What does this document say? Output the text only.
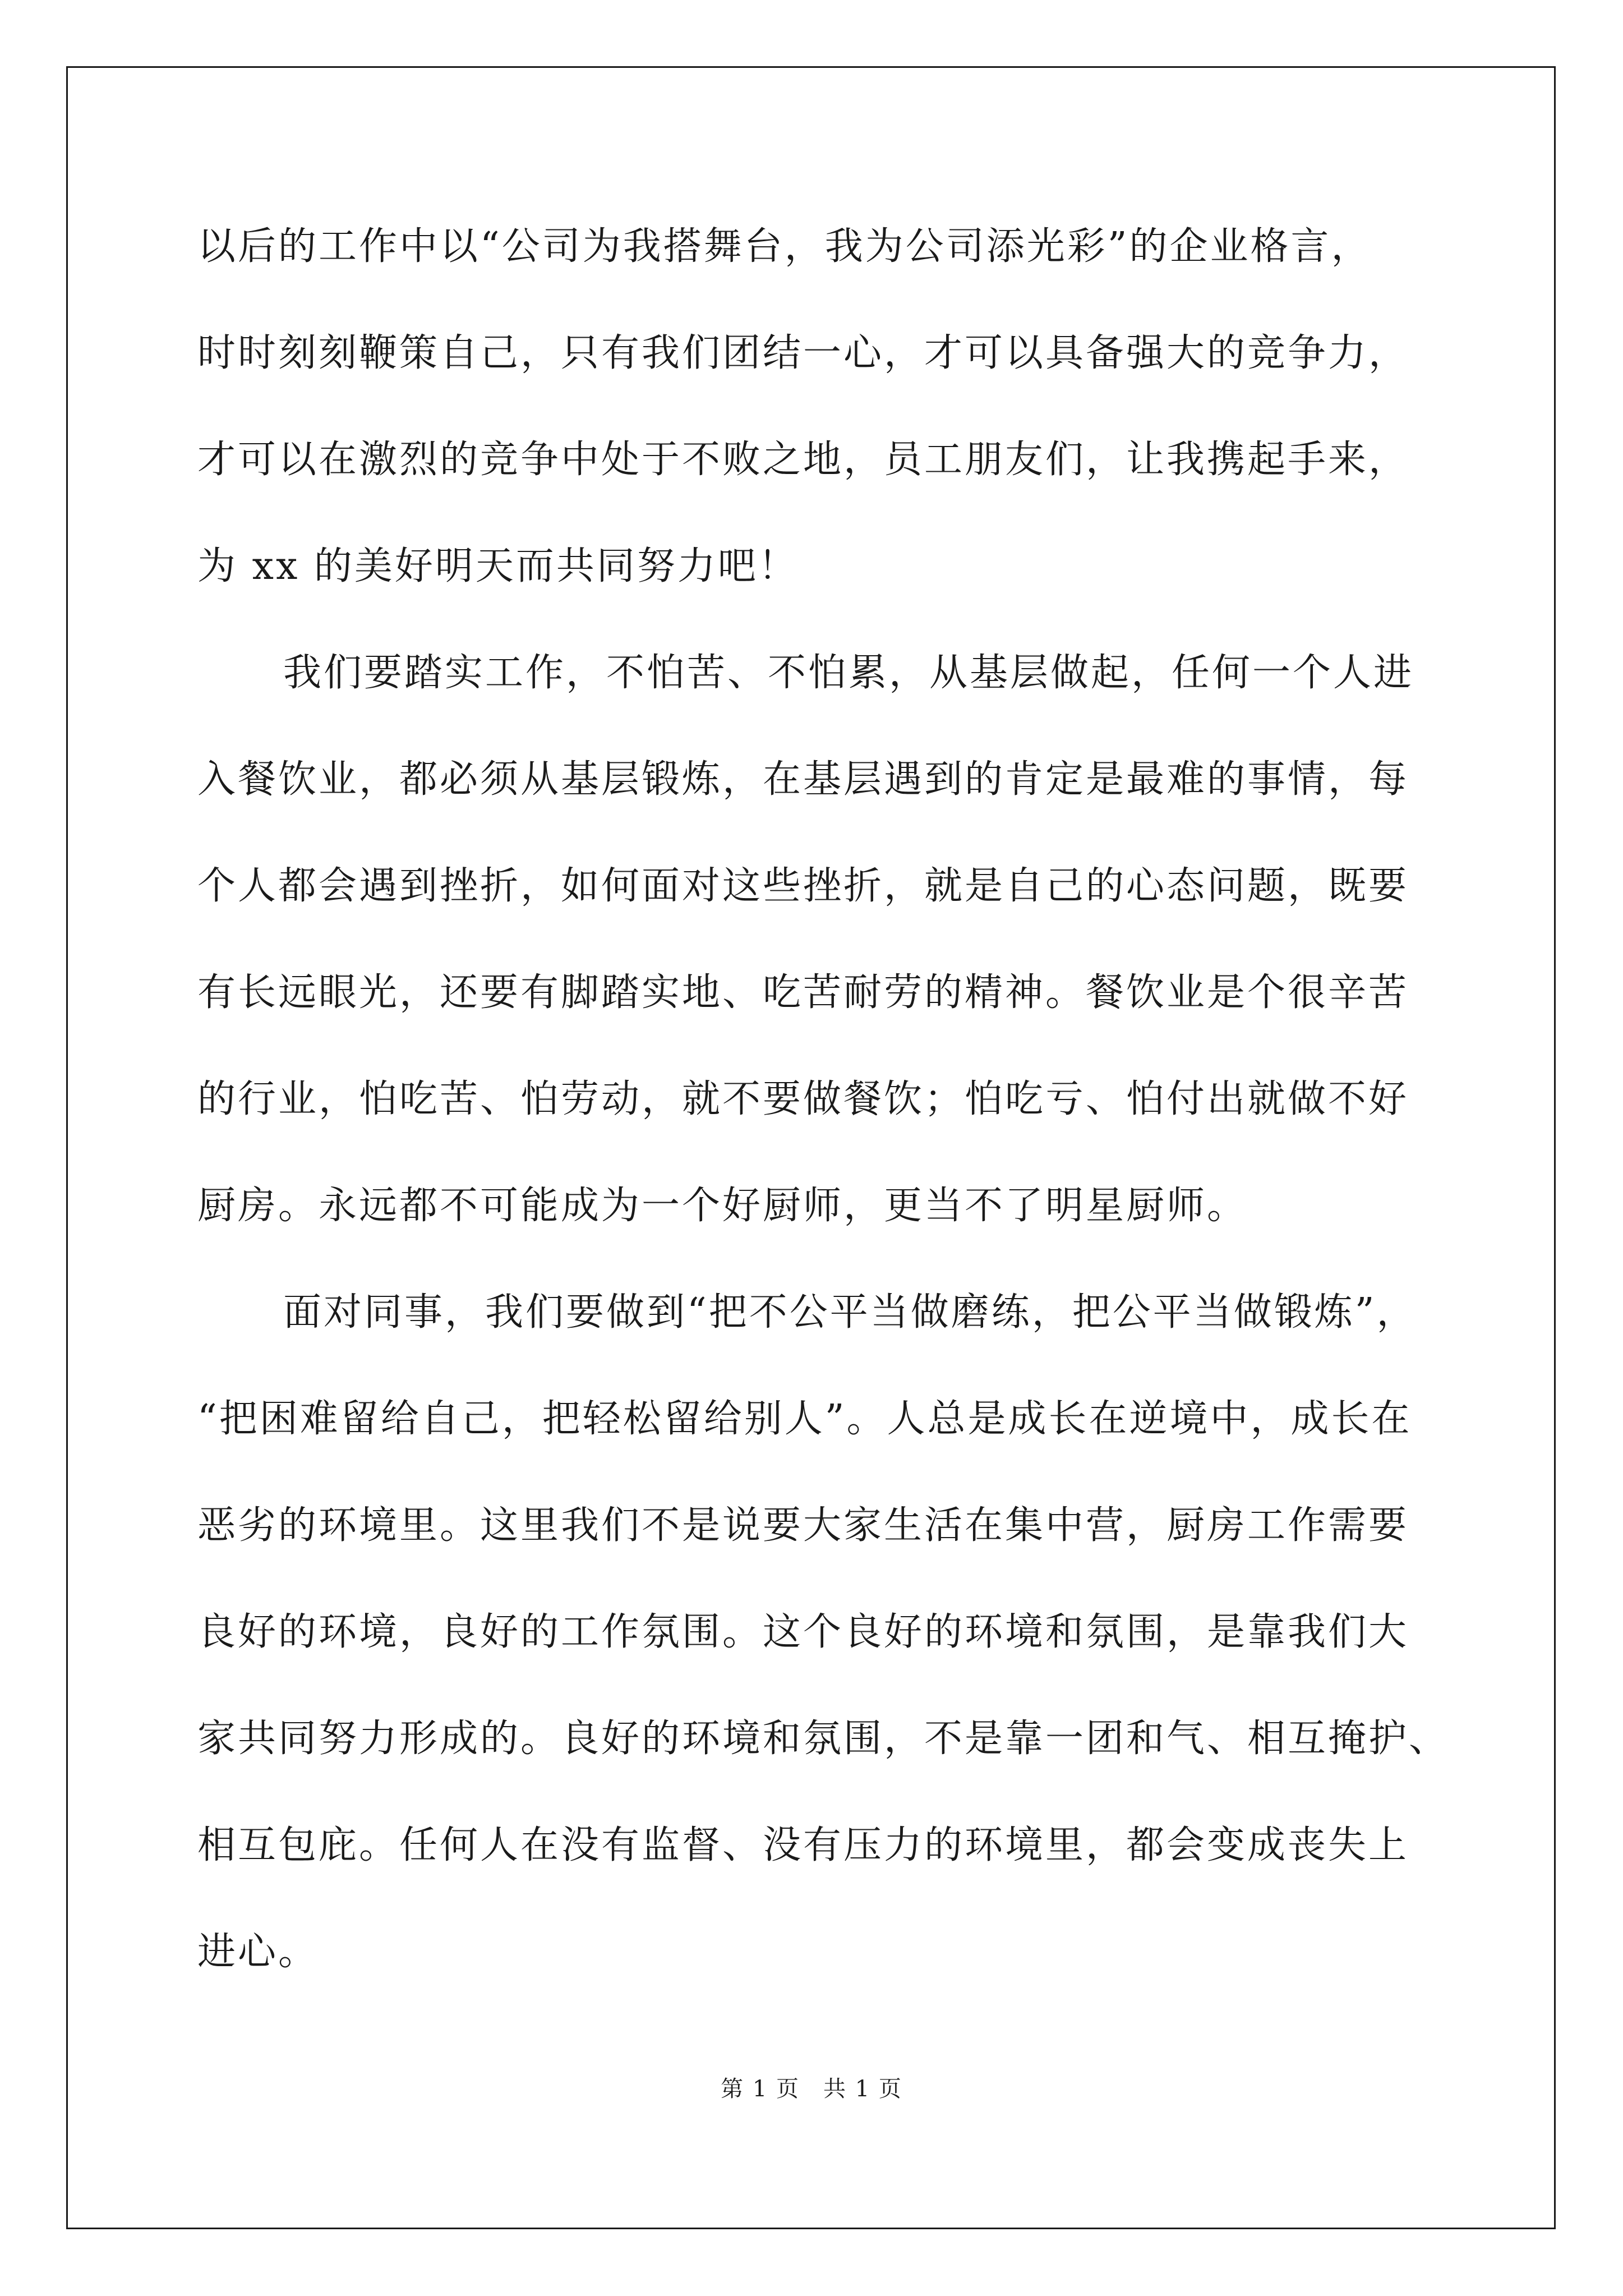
以后的工作中以“公司为我搭舞台，我为公司添光彩”的企业格言，
时时刻刻鞭策自己，只有我们团结一心，才可以具备强大的竞争力，
才可以在激烈的竞争中处于不败之地，员工朋友们，让我携起手来，
为 xx 的美好明天而共同努力吧！
我们要踏实工作，不怕苦、不怕累，从基层做起，任何一个人进
入餐饮业，都必须从基层锻炼，在基层遇到的肯定是最难的事情，每
个人都会遇到挫折，如何面对这些挫折，就是自己的心态问题，既要
有长远眼光，还要有脚踏实地、吃苦耐劳的精神。餐饮业是个很辛苦
的行业，怕吃苦、怕劳动，就不要做餐饮；怕吃亏、怕付出就做不好
厨房。永远都不可能成为一个好厨师，更当不了明星厨师。
面对同事，我们要做到“把不公平当做磨练，把公平当做锻炼”，
“把困难留给自己，把轻松留给别人”。人总是成长在逆境中，成长在
恶劣的环境里。这里我们不是说要大家生活在集中营，厨房工作需要
良好的环境，良好的工作氛围。这个良好的环境和氛围，是靠我们大
家共同努力形成的。良好的环境和氛围，不是靠一团和气、相互掩护、
相互包庇。任何人在没有监督、没有压力的环境里，都会变成丧失上
进心。
第 1 页　共 1 页
